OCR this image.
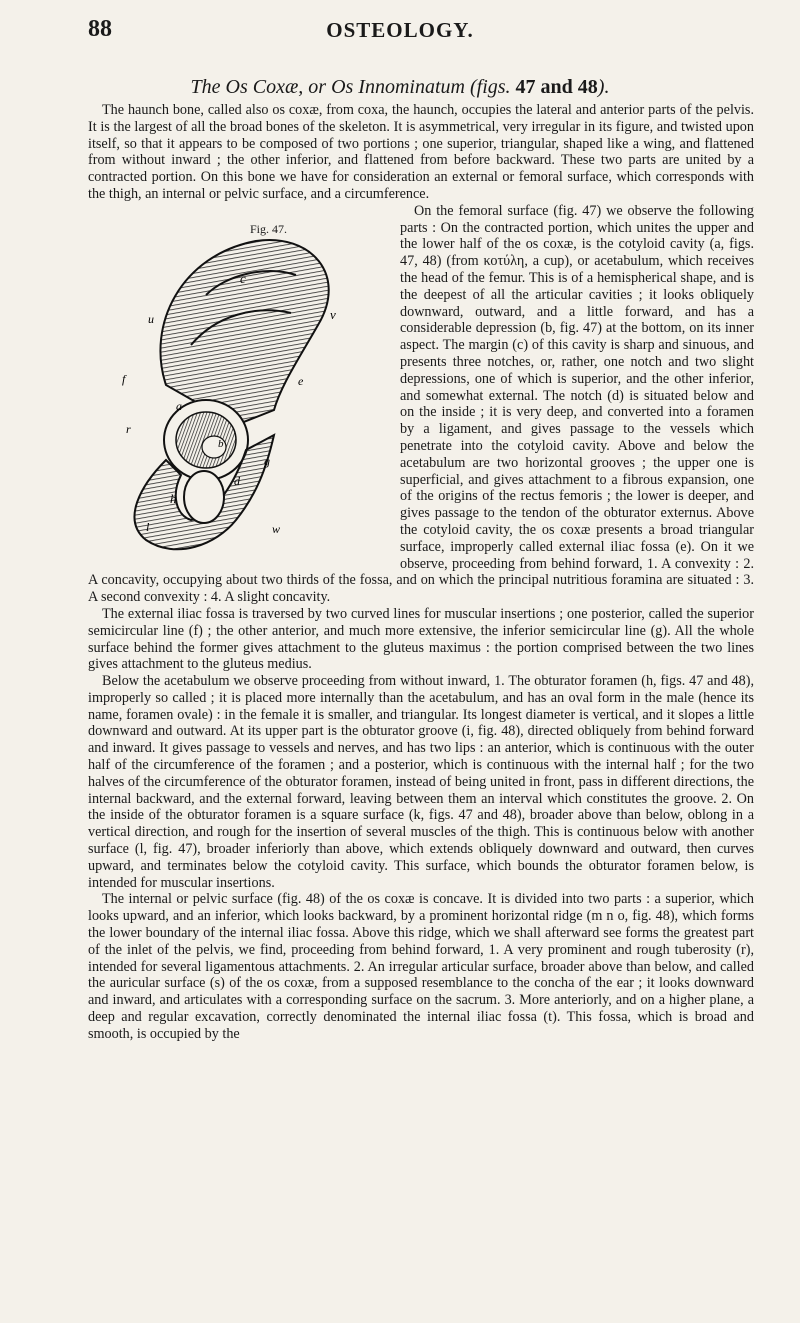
88	OSTEOLOGY.
The Os Coxæ, or Os Innominatum (figs. 47 and 48).

The haunch bone, called also os coxæ, from coxa, the haunch, occupies the lateral and anterior parts of the pelvis. It is the largest of all the broad bones of the skeleton. It is asymmetrical, very irregular in its figure, and twisted upon itself, so that it appears to be composed of two portions ; one superior, triangular, shaped like a wing, and flattened from without inward ; the other inferior, and flattened from before backward. These two parts are united by a contracted portion. On this bone we have for consideration an external or femoral surface, which corresponds with the thigh, an internal or pelvic surface, and a circumference.

Fig. 47.
c
u	v
f
a
e
r
b
g
h
d
l	w
On the femoral surface (fig. 47) we observe the following parts : On the contracted portion, which unites the upper and the lower half of the os coxæ, is the cotyloid cavity (a, figs. 47, 48) (from κοτύλη, a cup), or acetabulum, which receives the head of the femur. This is of a hemispherical shape, and is the deepest of all the articular cavities ; it looks obliquely downward, outward, and a little forward, and has a considerable depression (b, fig. 47) at the bottom, on its inner aspect. The margin (c) of this cavity is sharp and sinuous, and presents three notches, or, rather, one notch and two slight depressions, one of which is superior, and the other inferior, and somewhat external. The notch (d) is situated below and on the inside ; it is very deep, and converted into a foramen by a ligament, and gives passage to the vessels which penetrate into the cotyloid cavity. Above and below the acetabulum are two horizontal grooves ; the upper one is superficial, and gives attachment to a fibrous expansion, one of the origins of the rectus femoris ; the lower is deeper, and gives passage to the tendon of the obturator externus. Above the cotyloid cavity, the os coxæ presents a broad triangular surface, improperly called external iliac fossa (e). On it we observe, proceeding from behind forward, 1. A convexity : 2. A concavity, occupying about two thirds of the fossa, and on which the principal nutritious foramina are situated : 3. A second convexity : 4. A slight concavity.

The external iliac fossa is traversed by two curved lines for muscular insertions ; one posterior, called the superior semicircular line (f) ; the other anterior, and much more extensive, the inferior semicircular line (g). All the whole surface behind the former gives attachment to the gluteus maximus : the portion comprised between the two lines gives attachment to the gluteus medius.

Below the acetabulum we observe proceeding from without inward, 1. The obturator foramen (h, figs. 47 and 48), improperly so called ; it is placed more internally than the acetabulum, and has an oval form in the male (hence its name, foramen ovale) : in the female it is smaller, and triangular. Its longest diameter is vertical, and it slopes a little downward and outward. At its upper part is the obturator groove (i, fig. 48), directed obliquely from behind forward and inward. It gives passage to vessels and nerves, and has two lips : an anterior, which is continuous with the outer half of the circumference of the foramen ; and a posterior, which is continuous with the internal half ; for the two halves of the circumference of the obturator foramen, instead of being united in front, pass in different directions, the internal backward, and the external forward, leaving between them an interval which constitutes the groove. 2. On the inside of the obturator foramen is a square surface (k, figs. 47 and 48), broader above than below, oblong in a vertical direction, and rough for the insertion of several muscles of the thigh. This is continuous below with another surface (l, fig. 47), broader inferiorly than above, which extends obliquely downward and outward, then curves upward, and terminates below the cotyloid cavity. This surface, which bounds the obturator foramen below, is intended for muscular insertions.

The internal or pelvic surface (fig. 48) of the os coxæ is concave. It is divided into two parts : a superior, which looks upward, and an inferior, which looks backward, by a prominent horizontal ridge (m n o, fig. 48), which forms the lower boundary of the internal iliac fossa. Above this ridge, which we shall afterward see forms the greatest part of the inlet of the pelvis, we find, proceeding from behind forward, 1. A very prominent and rough tuberosity (r), intended for several ligamentous attachments. 2. An irregular articular surface, broader above than below, and called the auricular surface (s) of the os coxæ, from a supposed resemblance to the concha of the ear ; it looks downward and inward, and articulates with a corresponding surface on the sacrum. 3. More anteriorly, and on a higher plane, a deep and regular excavation, correctly denominated the internal iliac fossa (t). This fossa, which is broad and smooth, is occupied by the
